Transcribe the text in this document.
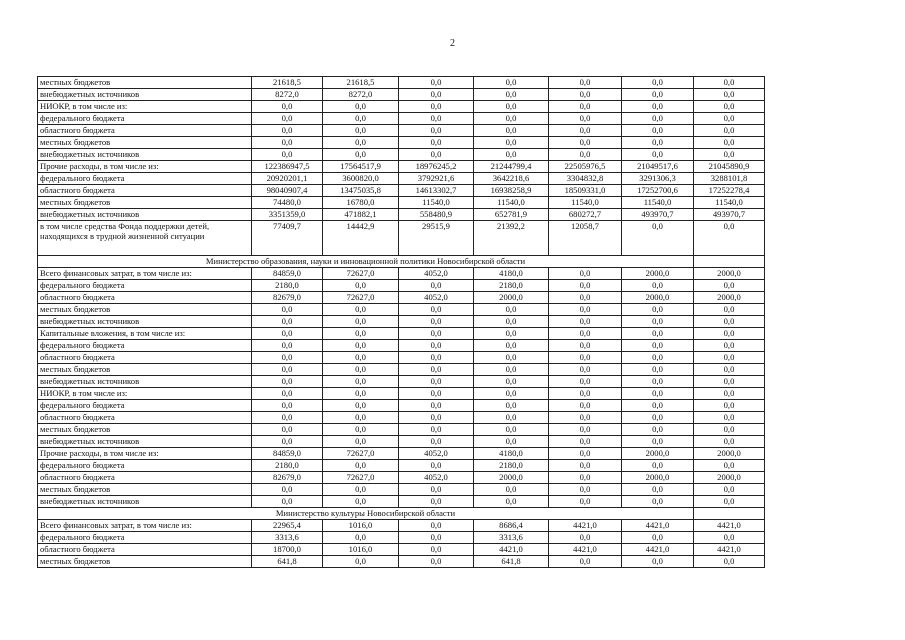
2
местных бюджетов	21618,5	21618,5	0,0	0,0	0,0	0,0	0,0
внебюджетных источников	8272,0	8272,0	0,0	0,0	0,0	0,0	0,0
НИОКР, в том числе из:	0,0	0,0	0,0	0,0	0,0	0,0	0,0
федерального бюджета	0,0	0,0	0,0	0,0	0,0	0,0	0,0
областного бюджета	0,0	0,0	0,0	0,0	0,0	0,0	0,0
местных бюджетов	0,0	0,0	0,0	0,0	0,0	0,0	0,0
внебюджетных источников	0,0	0,0	0,0	0,0	0,0	0,0	0,0
Прочие расходы, в том числе из:	122386947,5	17564517,9	18976245,2	21244799,4	22505976,5	21049517,6	21045890,9
федерального бюджета	20920201,1	3600820,0	3792921,6	3642218,6	3304832,8	3291306,3	3288101,8
областного бюджета	98040907,4	13475035,8	14613302,7	16938258,9	18509331,0	17252700,6	17252278,4
местных бюджетов	74480,0	16780,0	11540,0	11540,0	11540,0	11540,0	11540,0
внебюджетных источников	3351359,0	471882,1	558480,9	652781,9	680272,7	493970,7	493970,7
в том числе средства Фонда поддержки детей, находящихся в трудной жизненной ситуации	77409,7	14442,9	29515,9	21392,2	12058,7	0,0	0,0
Министерство образования, науки и инновационной политики Новосибирской области							
Всего финансовых затрат, в том числе из:	84859,0	72627,0	4052,0	4180,0	0,0	2000,0	2000,0
федерального бюджета	2180,0	0,0	0,0	2180,0	0,0	0,0	0,0
областного бюджета	82679,0	72627,0	4052,0	2000,0	0,0	2000,0	2000,0
местных бюджетов	0,0	0,0	0,0	0,0	0,0	0,0	0,0
внебюджетных источников	0,0	0,0	0,0	0,0	0,0	0,0	0,0
Капитальные вложения, в том числе из:	0,0	0,0	0,0	0,0	0,0	0,0	0,0
федерального бюджета	0,0	0,0	0,0	0,0	0,0	0,0	0,0
областного бюджета	0,0	0,0	0,0	0,0	0,0	0,0	0,0
местных бюджетов	0,0	0,0	0,0	0,0	0,0	0,0	0,0
внебюджетных источников	0,0	0,0	0,0	0,0	0,0	0,0	0,0
НИОКР, в том числе из:	0,0	0,0	0,0	0,0	0,0	0,0	0,0
федерального бюджета	0,0	0,0	0,0	0,0	0,0	0,0	0,0
областного бюджета	0,0	0,0	0,0	0,0	0,0	0,0	0,0
местных бюджетов	0,0	0,0	0,0	0,0	0,0	0,0	0,0
внебюджетных источников	0,0	0,0	0,0	0,0	0,0	0,0	0,0
Прочие расходы, в том числе из:	84859,0	72627,0	4052,0	4180,0	0,0	2000,0	2000,0
федерального бюджета	2180,0	0,0	0,0	2180,0	0,0	0,0	0,0
областного бюджета	82679,0	72627,0	4052,0	2000,0	0,0	2000,0	2000,0
местных бюджетов	0,0	0,0	0,0	0,0	0,0	0,0	0,0
внебюджетных источников	0,0	0,0	0,0	0,0	0,0	0,0	0,0
Министерство культуры Новосибирской области							
Всего финансовых затрат, в том числе из:	22965,4	1016,0	0,0	8686,4	4421,0	4421,0	4421,0
федерального бюджета	3313,6	0,0	0,0	3313,6	0,0	0,0	0,0
областного бюджета	18700,0	1016,0	0,0	4421,0	4421,0	4421,0	4421,0
местных бюджетов	641,8	0,0	0,0	641,8	0,0	0,0	0,0
